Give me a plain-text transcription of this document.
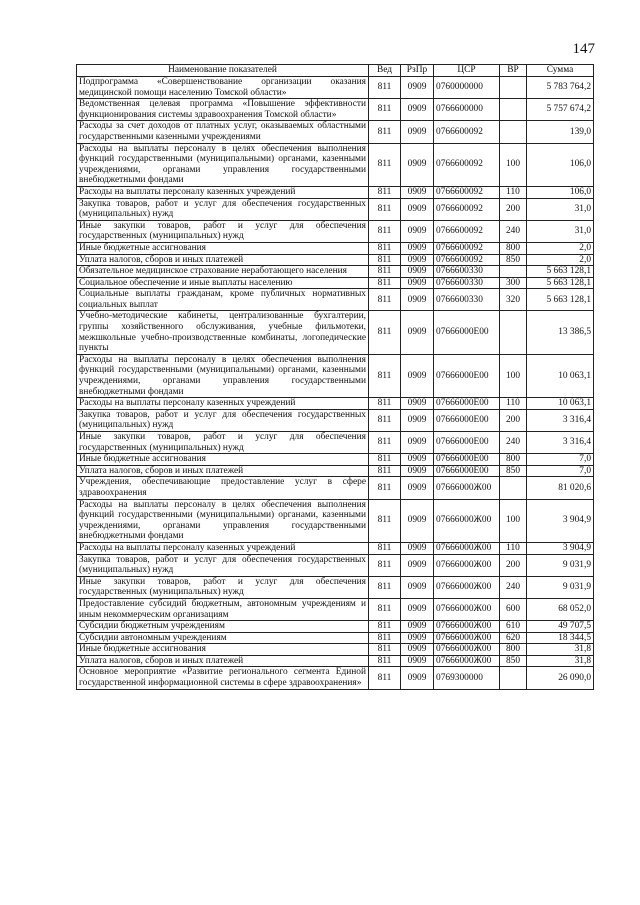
147
Наименование показателей	Вед	РзПр	ЦСР	ВР	Сумма
Подпрограмма «Совершенствование организации оказания медицинской помощи населению Томской области»	811	0909	0760000000		5 783 764,2
Ведомственная целевая программа «Повышение эффективности функционирования системы здравоохранения Томской области»	811	0909	0766600000		5 757 674,2
Расходы за счет доходов от платных услуг, оказываемых областными государственными казенными учреждениями	811	0909	0766600092		139,0
Расходы на выплаты персоналу в целях обеспечения выполнения функций государственными (муниципальными) органами, казенными учреждениями, органами управления государственными внебюджетными фондами	811	0909	0766600092	100	106,0
Расходы на выплаты персоналу казенных учреждений	811	0909	0766600092	110	106,0
Закупка товаров, работ и услуг для обеспечения государственных (муниципальных) нужд	811	0909	0766600092	200	31,0
Иные закупки товаров, работ и услуг для обеспечения государственных (муниципальных) нужд	811	0909	0766600092	240	31,0
Иные бюджетные ассигнования	811	0909	0766600092	800	2,0
Уплата налогов, сборов и иных платежей	811	0909	0766600092	850	2,0
Обязательное медицинское страхование неработающего населения	811	0909	0766600330		5 663 128,1
Социальное обеспечение и иные выплаты населению	811	0909	0766600330	300	5 663 128,1
Социальные выплаты гражданам, кроме публичных нормативных социальных выплат	811	0909	0766600330	320	5 663 128,1
Учебно-методические кабинеты, централизованные бухгалтерии, группы хозяйственного обслуживания, учебные фильмотеки, межшкольные учебно-производственные комбинаты, логопедические пункты	811	0909	07666000Е00		13 386,5
Расходы на выплаты персоналу в целях обеспечения выполнения функций государственными (муниципальными) органами, казенными учреждениями, органами управления государственными внебюджетными фондами	811	0909	07666000Е00	100	10 063,1
Расходы на выплаты персоналу казенных учреждений	811	0909	07666000Е00	110	10 063,1
Закупка товаров, работ и услуг для обеспечения государственных (муниципальных) нужд	811	0909	07666000Е00	200	3 316,4
Иные закупки товаров, работ и услуг для обеспечения государственных (муниципальных) нужд	811	0909	07666000Е00	240	3 316,4
Иные бюджетные ассигнования	811	0909	07666000Е00	800	7,0
Уплата налогов, сборов и иных платежей	811	0909	07666000Е00	850	7,0
Учреждения, обеспечивающие предоставление услуг в сфере здравоохранения	811	0909	07666000Ж00		81 020,6
Расходы на выплаты персоналу в целях обеспечения выполнения функций государственными (муниципальными) органами, казенными учреждениями, органами управления государственными внебюджетными фондами	811	0909	07666000Ж00	100	3 904,9
Расходы на выплаты персоналу казенных учреждений	811	0909	07666000Ж00	110	3 904,9
Закупка товаров, работ и услуг для обеспечения государственных (муниципальных) нужд	811	0909	07666000Ж00	200	9 031,9
Иные закупки товаров, работ и услуг для обеспечения государственных (муниципальных) нужд	811	0909	07666000Ж00	240	9 031,9
Предоставление субсидий бюджетным, автономным учреждениям и иным некоммерческим организациям	811	0909	07666000Ж00	600	68 052,0
Субсидии бюджетным учреждениям	811	0909	07666000Ж00	610	49 707,5
Субсидии автономным учреждениям	811	0909	07666000Ж00	620	18 344,5
Иные бюджетные ассигнования	811	0909	07666000Ж00	800	31,8
Уплата налогов, сборов и иных платежей	811	0909	07666000Ж00	850	31,8
Основное мероприятие «Развитие регионального сегмента Единой государственной информационной системы в сфере здравоохранения»	811	0909	0769300000		26 090,0
